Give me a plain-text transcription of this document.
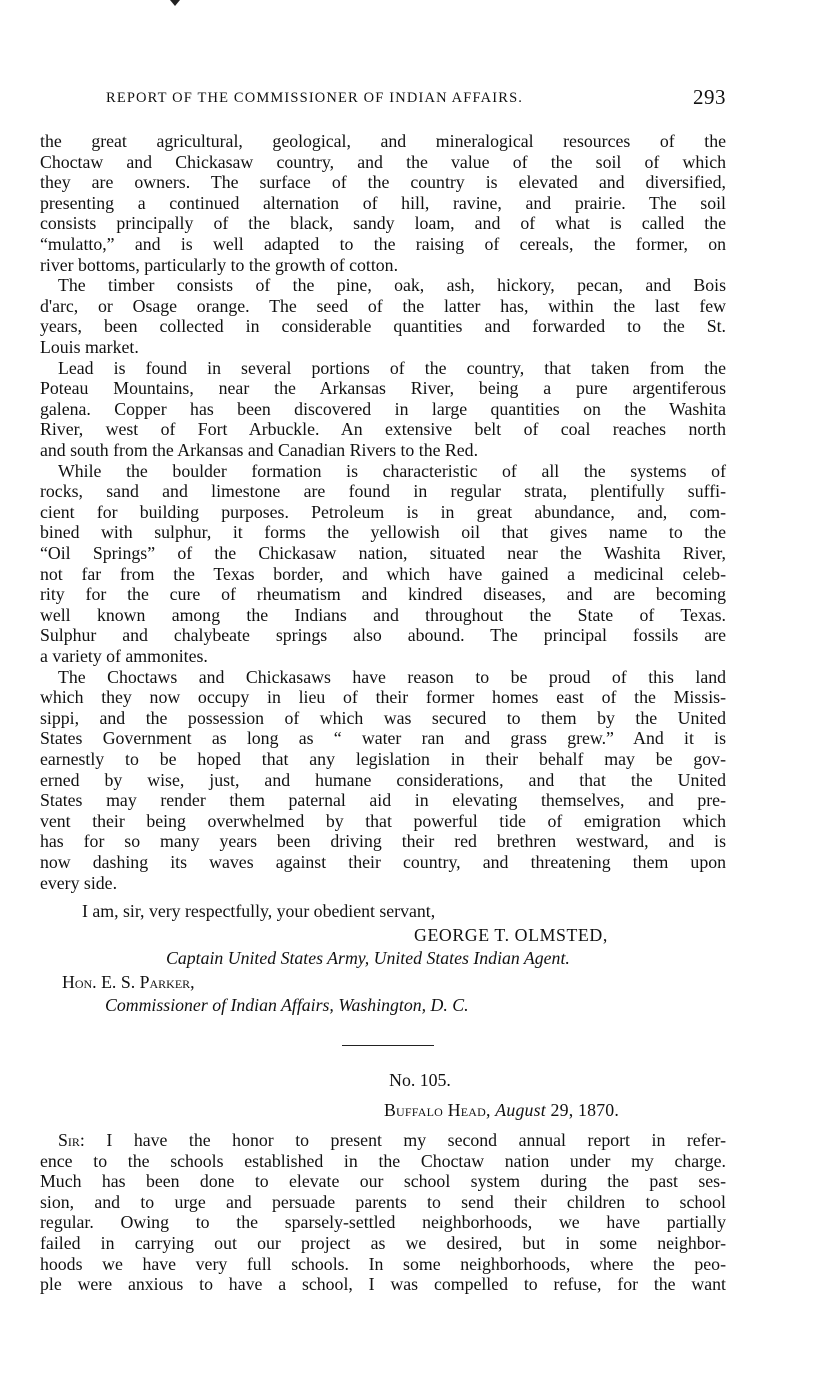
REPORT OF THE COMMISSIONER OF INDIAN AFFAIRS.	293
the great agricultural, geological, and mineralogical resources of the
Choctaw and Chickasaw country, and the value of the soil of which
they are owners. The surface of the country is elevated and diversified,
presenting a continued alternation of hill, ravine, and prairie. The soil
consists principally of the black, sandy loam, and of what is called the
“mulatto,” and is well adapted to the raising of cereals, the former, on
river bottoms, particularly to the growth of cotton.
The timber consists of the pine, oak, ash, hickory, pecan, and Bois
d'arc, or Osage orange. The seed of the latter has, within the last few
years, been collected in considerable quantities and forwarded to the St.
Louis market.
Lead is found in several portions of the country, that taken from the
Poteau Mountains, near the Arkansas River, being a pure argentiferous
galena. Copper has been discovered in large quantities on the Washita
River, west of Fort Arbuckle. An extensive belt of coal reaches north
and south from the Arkansas and Canadian Rivers to the Red.
While the boulder formation is characteristic of all the systems of
rocks, sand and limestone are found in regular strata, plentifully suffi-
cient for building purposes. Petroleum is in great abundance, and, com-
bined with sulphur, it forms the yellowish oil that gives name to the
“Oil Springs” of the Chickasaw nation, situated near the Washita River,
not far from the Texas border, and which have gained a medicinal celeb-
rity for the cure of rheumatism and kindred diseases, and are becoming
well known among the Indians and throughout the State of Texas.
Sulphur and chalybeate springs also abound. The principal fossils are
a variety of ammonites.
The Choctaws and Chickasaws have reason to be proud of this land
which they now occupy in lieu of their former homes east of the Missis-
sippi, and the possession of which was secured to them by the United
States Government as long as “ water ran and grass grew.” And it is
earnestly to be hoped that any legislation in their behalf may be gov-
erned by wise, just, and humane considerations, and that the United
States may render them paternal aid in elevating themselves, and pre-
vent their being overwhelmed by that powerful tide of emigration which
has for so many years been driving their red brethren westward, and is
now dashing its waves against their country, and threatening them upon
every side.
I am, sir, very respectfully, your obedient servant,
GEORGE T. OLMSTED,
Captain United States Army, United States Indian Agent.
Hon. E. S. Parker,
Commissioner of Indian Affairs, Washington, D. C.
No. 105.
Buffalo Head, August 29, 1870.
Sir: I have the honor to present my second annual report in refer-
ence to the schools established in the Choctaw nation under my charge.
Much has been done to elevate our school system during the past ses-
sion, and to urge and persuade parents to send their children to school
regular. Owing to the sparsely-settled neighborhoods, we have partially
failed in carrying out our project as we desired, but in some neighbor-
hoods we have very full schools. In some neighborhoods, where the peo-
ple were anxious to have a school, I was compelled to refuse, for the want
